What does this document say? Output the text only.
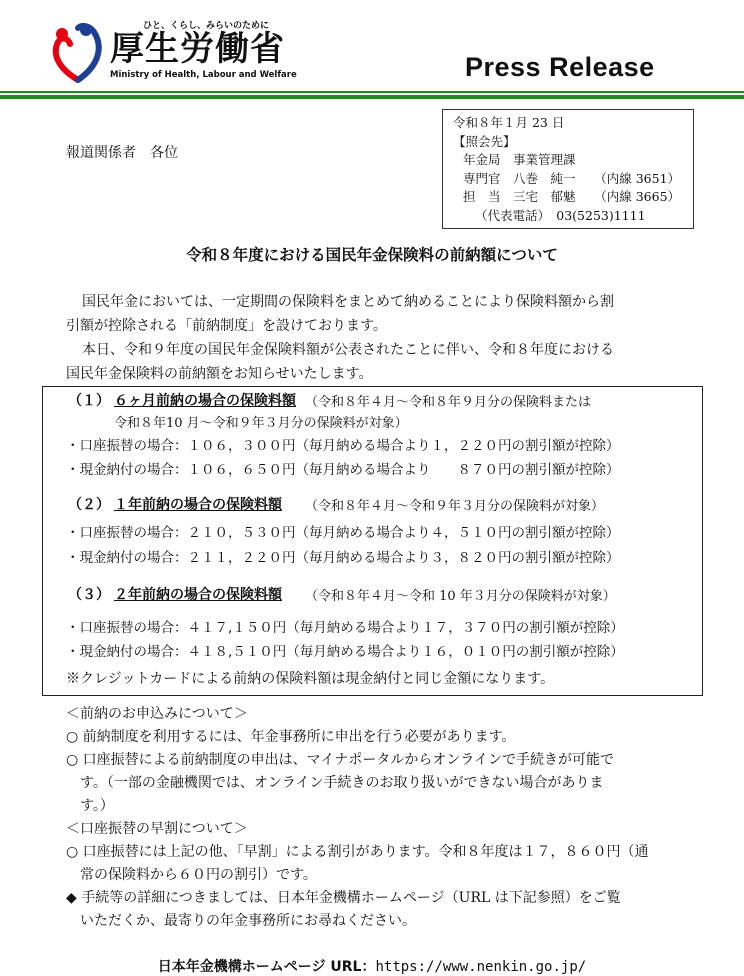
ひと、くらし、みらいのために
厚生労働省
Ministry of Health, Labour and Welfare	Press Release
報道関係者　各位
令和８年１月 23 日
【照会先】
年金局　事業管理課
専門官　八巻　純一　　（内線 3651）
担　当　三宅　郁魅　　（内線 3665）
（代表電話）　03(5253)1111
令和８年度における国民年金保険料の前納額について
国民年金においては、一定期間の保険料をまとめて納めることにより保険料額から割
引額が控除される「前納制度」を設けております。
本日、令和９年度の国民年金保険料額が公表されたことに伴い、令和８年度における
国民年金保険料の前納額をお知らせいたします。
（１） ６ヶ月前納の場合の保険料額 （令和８年４月～令和８年９月分の保険料または
令和８年10 月～令和９年３月分の保険料が対象）
・口座振替の場合：１０６，３００円（毎月納める場合より１，２２０円の割引額が控除）
・現金納付の場合：１０６，６５０円（毎月納める場合より　　８７０円の割引額が控除）
（２） １年前納の場合の保険料額 （令和８年４月～令和９年３月分の保険料が対象）
・口座振替の場合：２１０，５３０円（毎月納める場合より４，５１０円の割引額が控除）
・現金納付の場合：２１１，２２０円（毎月納める場合より３，８２０円の割引額が控除）
（３） ２年前納の場合の保険料額 （令和８年４月～令和 10 年３月分の保険料が対象）
・口座振替の場合：４１７,１５０円（毎月納める場合より１７，３７０円の割引額が控除）
・現金納付の場合：４１８,５１０円（毎月納める場合より１６，０１０円の割引額が控除）
※クレジットカードによる前納の保険料額は現金納付と同じ金額になります。
＜前納のお申込みについて＞
○ 前納制度を利用するには、年金事務所に申出を行う必要があります。
○ 口座振替による前納制度の申出は、マイナポータルからオンラインで手続きが可能で
　す。（一部の金融機関では、オンライン手続きのお取り扱いができない場合がありま
　す。）
＜口座振替の早割について＞
○ 口座振替には上記の他、「早割」による割引があります。令和８年度は１７，８６０円（通
　常の保険料から６０円の割引）です。
◆ 手続等の詳細につきましては、日本年金機構ホームページ（URL は下記参照）をご覧
　いただくか、最寄りの年金事務所にお尋ねください。
日本年金機構ホームページ URL：https://www.nenkin.go.jp/
